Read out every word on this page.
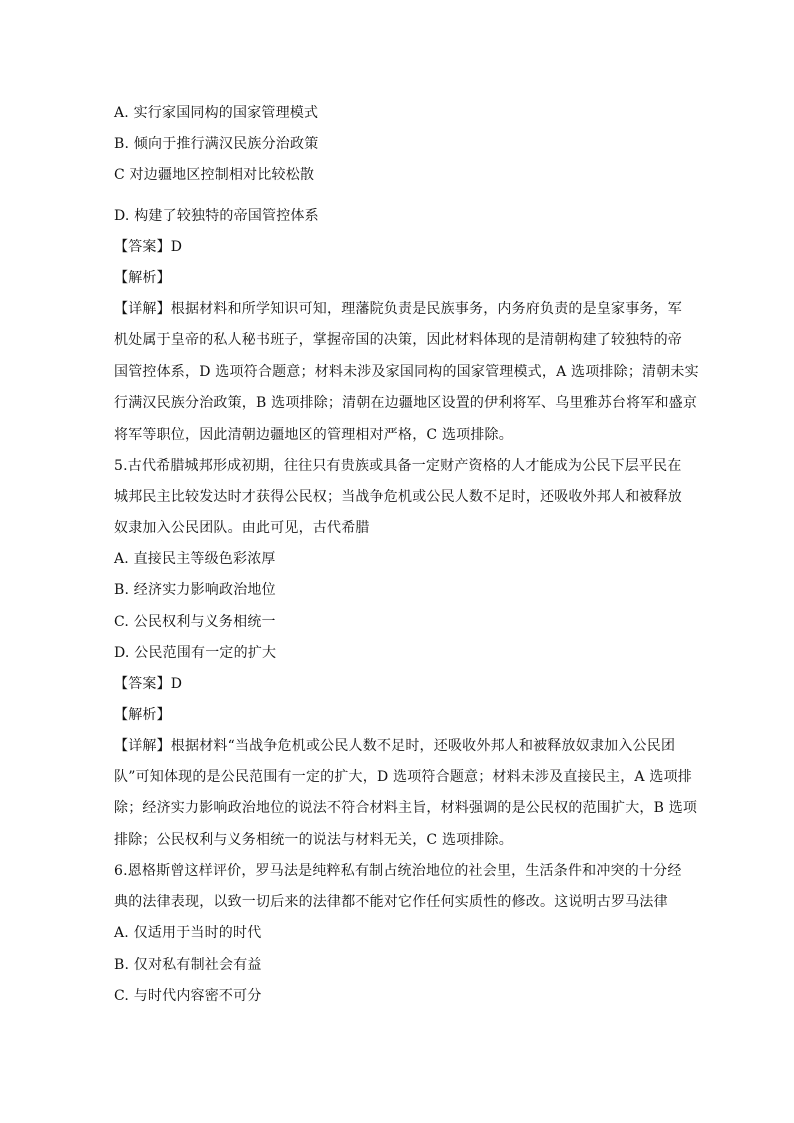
A. 实行家国同构的国家管理模式
B. 倾向于推行满汉民族分治政策
C 对边疆地区控制相对比较松散
D. 构建了较独特的帝国管控体系
【答案】D
【解析】
【详解】根据材料和所学知识可知，理藩院负责是民族事务，内务府负责的是皇家事务，军
机处属于皇帝的私人秘书班子，掌握帝国的决策，因此材料体现的是清朝构建了较独特的帝
国管控体系，D 选项符合题意；材料未涉及家国同构的国家管理模式，A 选项排除；清朝未实
行满汉民族分治政策，B 选项排除；清朝在边疆地区设置的伊利将军、乌里雅苏台将军和盛京
将军等职位，因此清朝边疆地区的管理相对严格，C 选项排除。
5.古代希腊城邦形成初期，往往只有贵族或具备一定财产资格的人才能成为公民下层平民在
城邦民主比较发达时才获得公民权；当战争危机或公民人数不足时，还吸收外邦人和被释放
奴隶加入公民团队。由此可见，古代希腊
A. 直接民主等级色彩浓厚
B. 经济实力影响政治地位
C. 公民权利与义务相统一
D. 公民范围有一定的扩大
【答案】D
【解析】
【详解】根据材料“当战争危机或公民人数不足时，还吸收外邦人和被释放奴隶加入公民团
队”可知体现的是公民范围有一定的扩大，D 选项符合题意；材料未涉及直接民主，A 选项排
除；经济实力影响政治地位的说法不符合材料主旨，材料强调的是公民权的范围扩大，B 选项
排除；公民权利与义务相统一的说法与材料无关，C 选项排除。
6.恩格斯曾这样评价，罗马法是纯粹私有制占统治地位的社会里，生活条件和冲突的十分经
典的法律表现，以致一切后来的法律都不能对它作任何实质性的修改。这说明古罗马法律
A. 仅适用于当时的时代
B. 仅对私有制社会有益
C. 与时代内容密不可分
